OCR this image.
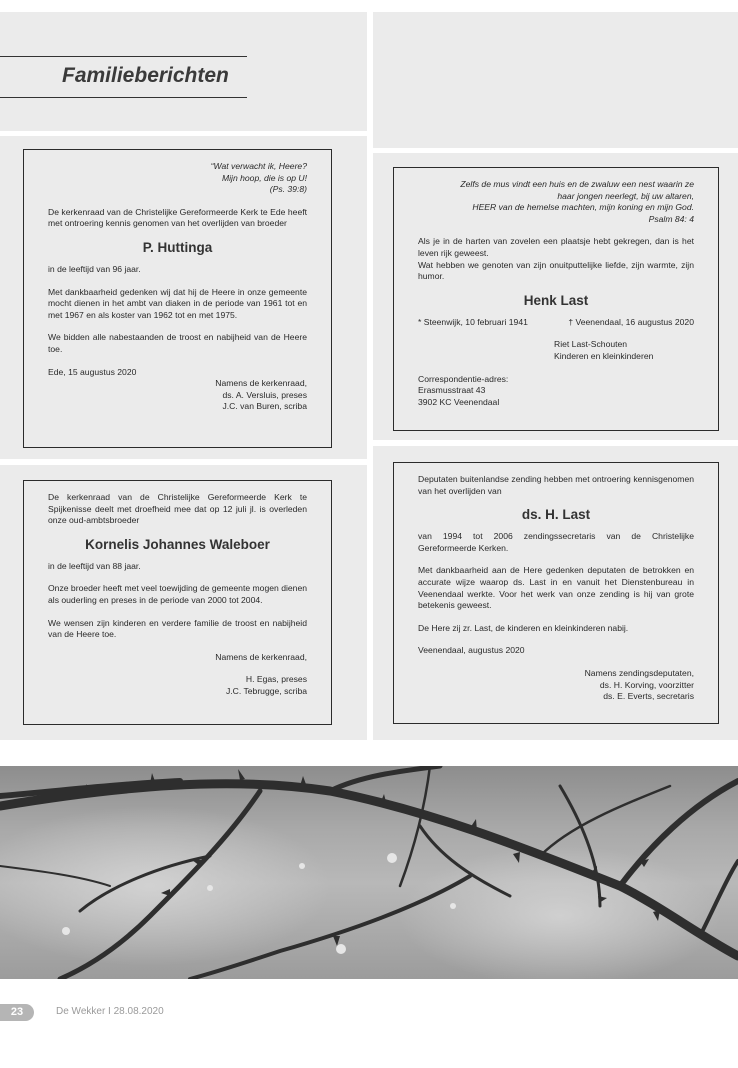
Familieberichten

“Wat verwacht ik, Heere?

Mijn hoop, die is op U!

(Ps. 39:8)

De kerkenraad van de Christelijke Gereformeerde Kerk te Ede heeft met ontroering kennis genomen van het overlijden van broeder

P. Huttinga

in de leeftijd van 96 jaar.

Met dankbaarheid gedenken wij dat hij de Heere in onze gemeente mocht dienen in het ambt van diaken in de periode van 1961 tot en met 1967 en als koster van 1962 tot en met 1975.

We bidden alle nabestaanden de troost en nabijheid van de Heere toe.

Ede, 15 augustus 2020

Namens de kerkenraad,

ds. A. Versluis, preses

J.C. van Buren, scriba

Zelfs de mus vindt een huis en de zwaluw een nest waarin ze

haar jongen neerlegt, bij uw altaren,

HEER van de hemelse machten, mijn koning en mijn God.

Psalm 84: 4

Als je in de harten van zovelen een plaatsje hebt gekregen, dan is het leven rijk geweest.

Wat hebben we genoten van zijn onuitputtelijke liefde, zijn warmte, zijn humor.

Henk Last
* Steenwijk, 10 februari 1941	† Veenendaal, 16 augustus 2020

Riet Last-Schouten

Kinderen en kleinkinderen

Correspondentie-adres:

Erasmusstraat 43

3902 KC Veenendaal

De kerkenraad van de Christelijke Gereformeerde Kerk te Spijkenisse deelt met droefheid mee dat op 12 juli jl. is overleden onze oud-ambtsbroeder

Kornelis Johannes Waleboer

in de leeftijd van 88 jaar.

Onze broeder heeft met veel toewijding de gemeente mogen dienen als ouderling en preses in de periode van 2000 tot 2004.

We wensen zijn kinderen en verdere familie de troost en nabijheid van de Heere toe.

Namens de kerkenraad,

H. Egas, preses

J.C. Tebrugge, scriba

Deputaten buitenlandse zending hebben met ontroering kennisgenomen van het overlijden van

ds. H. Last

van 1994 tot 2006 zendingssecretaris van de Christelijke Gereformeerde Kerken.

Met dankbaarheid aan de Here gedenken deputaten de betrokken en accurate wijze waarop ds. Last in en vanuit het Dienstenbureau in Veenendaal werkte. Voor het werk van onze zending is hij van grote betekenis geweest.

De Here zij zr. Last, de kinderen en kleinkinderen nabij.

Veenendaal, augustus 2020

Namens zendingsdeputaten,

ds. H. Korving, voorzitter

ds. E. Everts, secretaris

23	De Wekker I 28.08.2020
